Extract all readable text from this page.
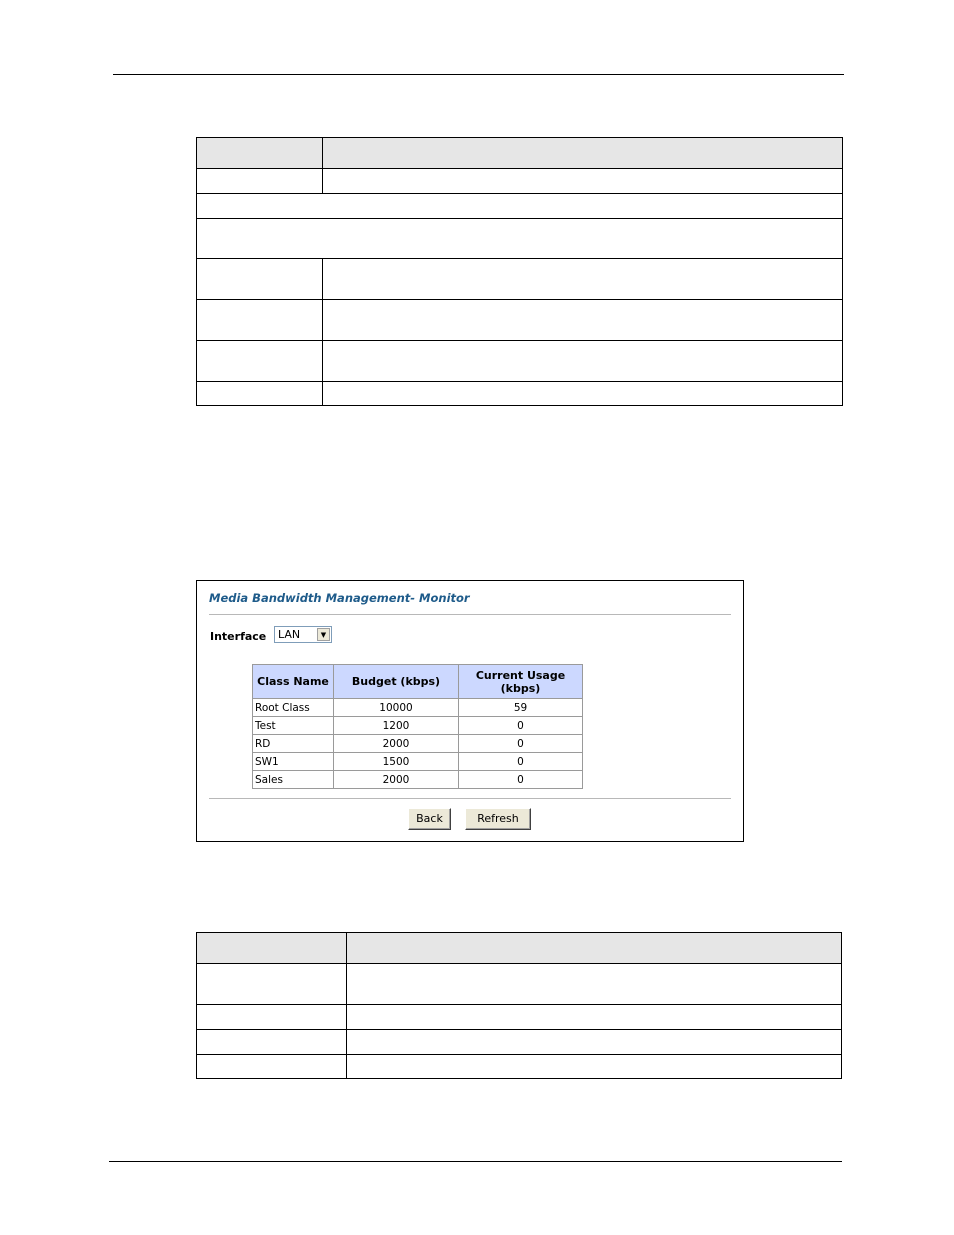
Media Bandwidth Management- Monitor
Interface LAN	▼
Class Name	Budget (kbps)	Current Usage (kbps)
Root Class	10000	59
Test	1200	0
RD	2000	0
SW1	1500	0
Sales	2000	0
Back	Refresh
